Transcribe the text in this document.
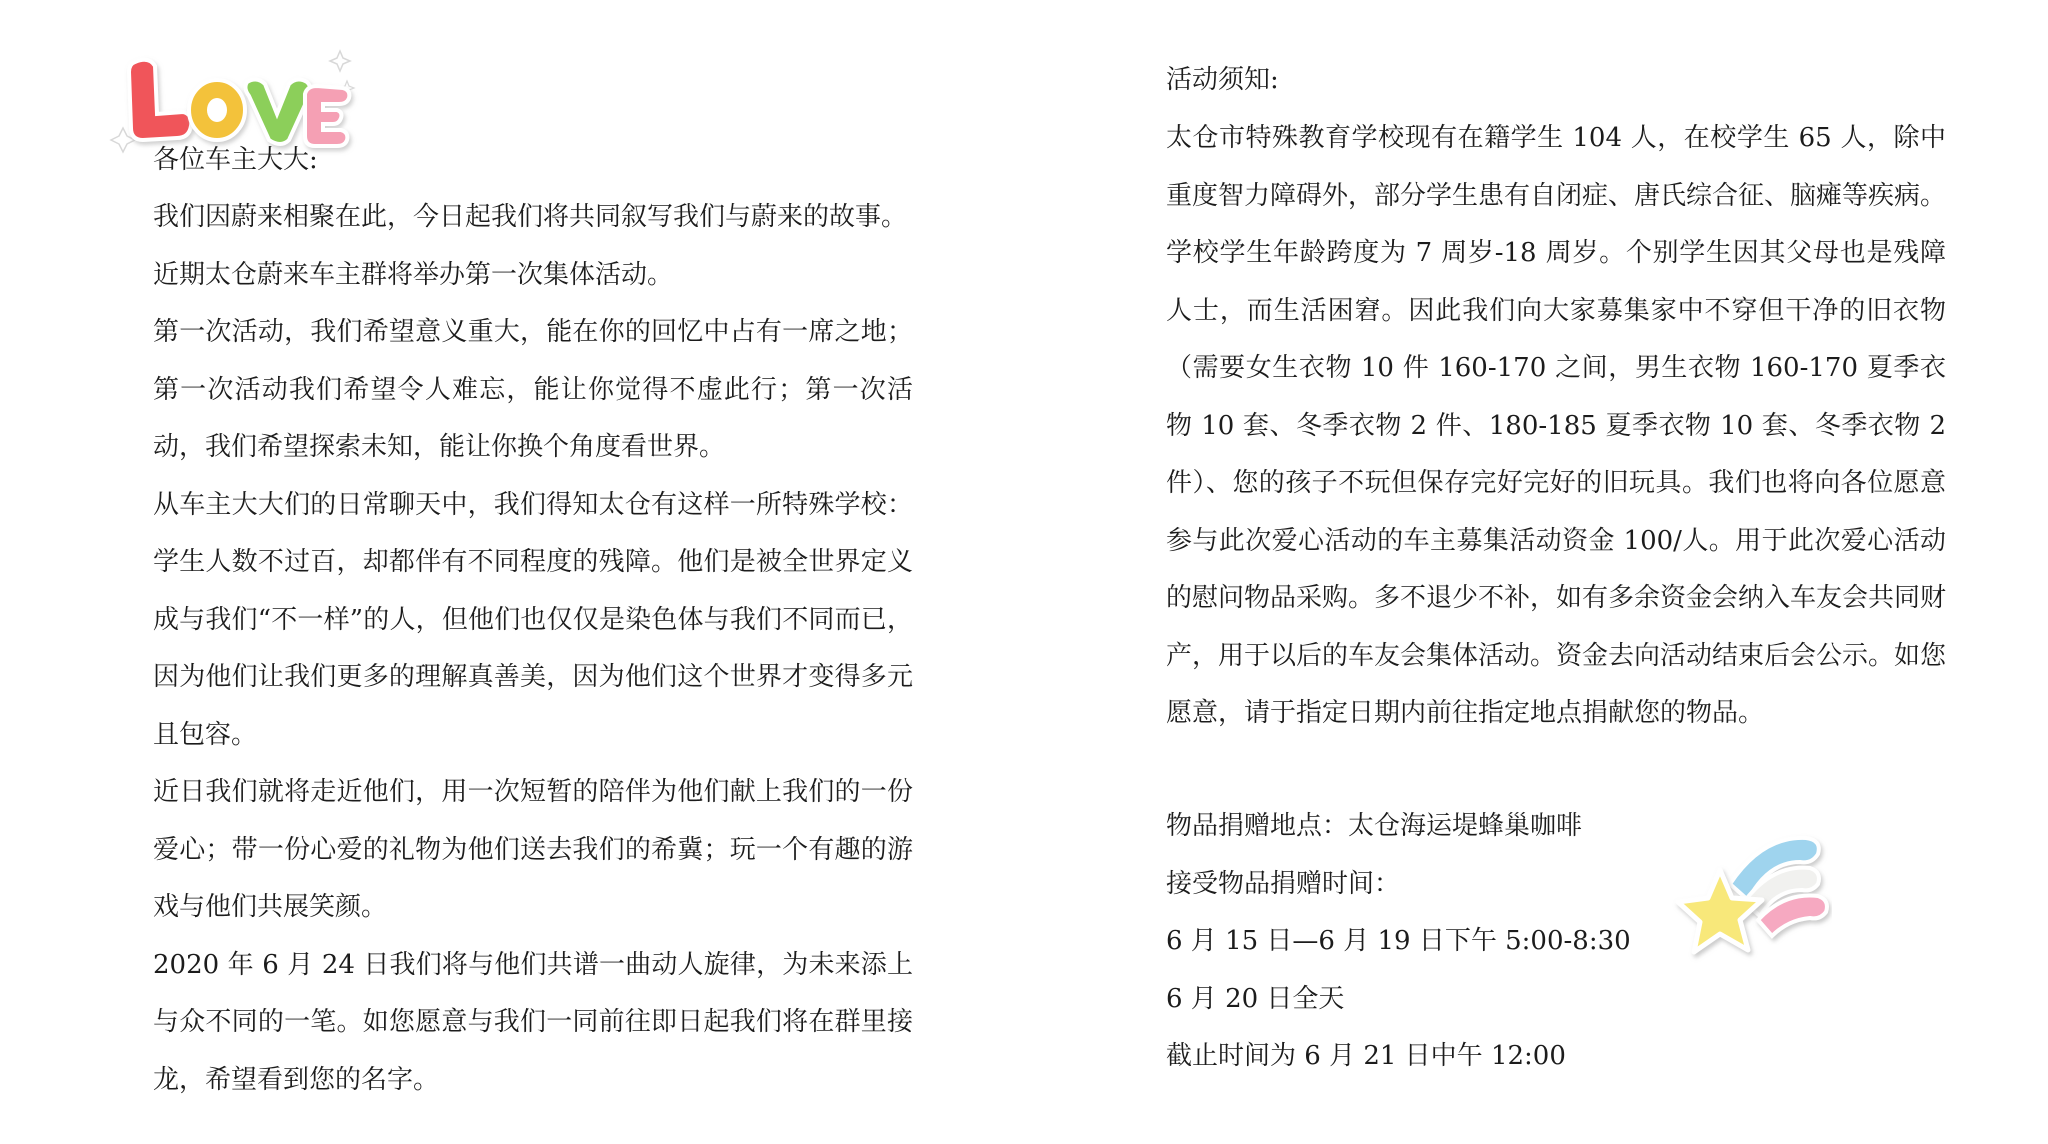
各位车主大大:

我们因蔚来相聚在此，今日起我们将共同叙写我们与蔚来的故事。

近期太仓蔚来车主群将举办第一次集体活动。

第一次活动，我们希望意义重大，能在你的回忆中占有一席之地；第一次活动我们希望令人难忘，能让你觉得不虚此行；第一次活动，我们希望探索未知，能让你换个角度看世界。

从车主大大们的日常聊天中，我们得知太仓有这样一所特殊学校：学生人数不过百，却都伴有不同程度的残障。他们是被全世界定义成与我们“不一样”的人，但他们也仅仅是染色体与我们不同而已，因为他们让我们更多的理解真善美，因为他们这个世界才变得多元且包容。

近日我们就将走近他们，用一次短暂的陪伴为他们献上我们的一份爱心；带一份心爱的礼物为他们送去我们的希冀；玩一个有趣的游戏与他们共展笑颜。

2020 年 6 月 24 日我们将与他们共谱一曲动人旋律，为未来添上与众不同的一笔。如您愿意与我们一同前往即日起我们将在群里接龙，希望看到您的名字。

活动须知:

太仓市特殊教育学校现有在籍学生 104 人，在校学生 65 人，除中重度智力障碍外，部分学生患有自闭症、唐氏综合征、脑瘫等疾病。学校学生年龄跨度为 7 周岁-18 周岁。个别学生因其父母也是残障人士，而生活困窘。因此我们向大家募集家中不穿但干净的旧衣物（需要女生衣物 10 件 160-170 之间，男生衣物 160-170 夏季衣物 10 套、冬季衣物 2 件、180-185 夏季衣物 10 套、冬季衣物 2 件）、您的孩子不玩但保存完好完好的旧玩具。我们也将向各位愿意参与此次爱心活动的车主募集活动资金 100/人。用于此次爱心活动的慰问物品采购。多不退少不补，如有多余资金会纳入车友会共同财产，用于以后的车友会集体活动。资金去向活动结束后会公示。如您愿意，请于指定日期内前往指定地点捐献您的物品。

物品捐赠地点：太仓海运堤蜂巢咖啡

接受物品捐赠时间：

6 月 15 日—6 月 19 日下午 5:00-8:30

6 月 20 日全天

截止时间为 6 月 21 日中午 12:00
